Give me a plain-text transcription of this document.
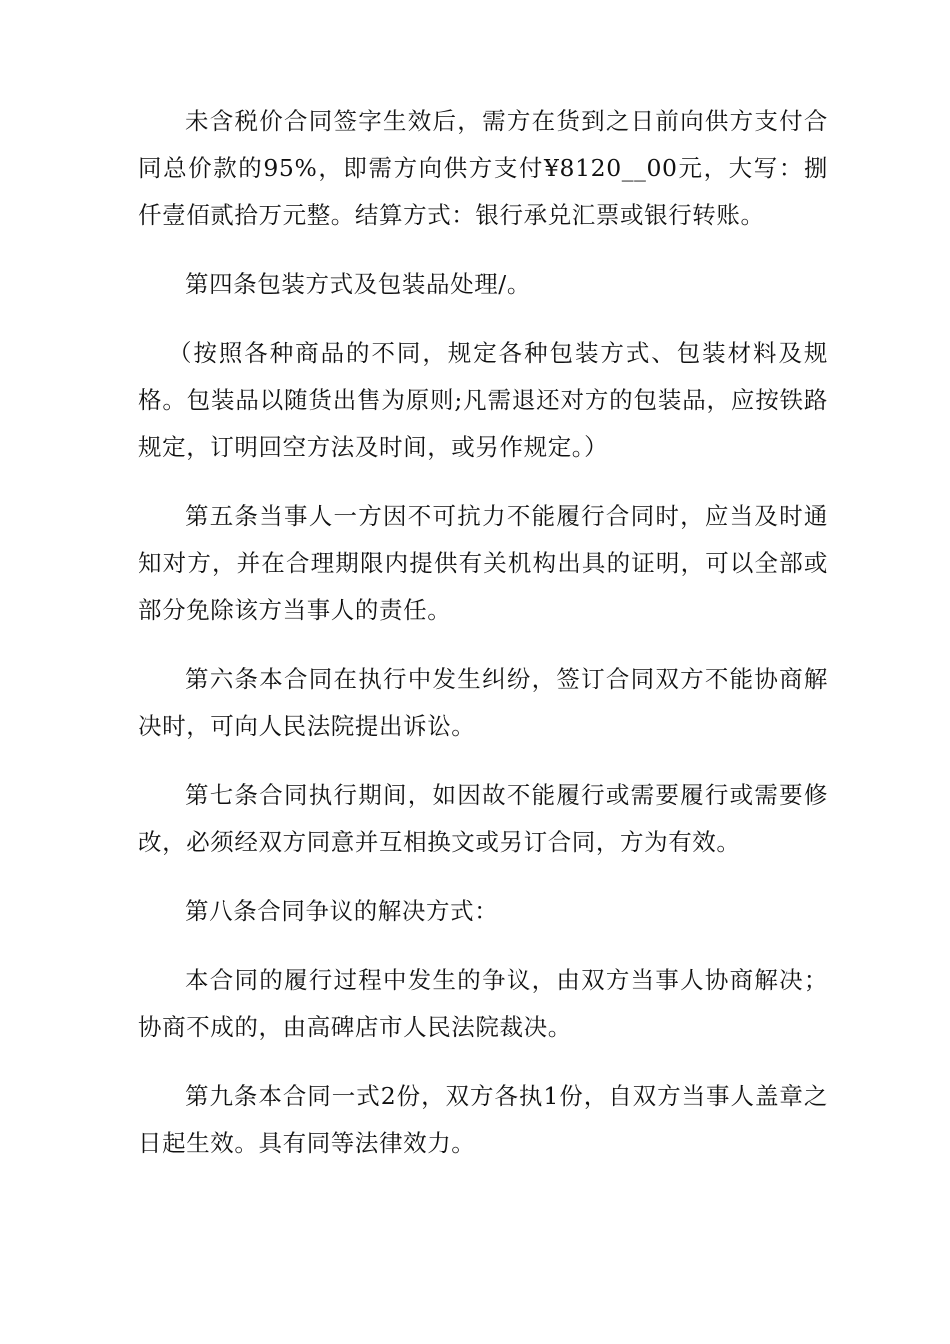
未含税价合同签字生效后，需方在货到之日前向供方支付合同总价款的95%，即需方向供方支付¥8120__00元，大写：捌仟壹佰贰拾万元整。结算方式：银行承兑汇票或银行转账。

第四条包装方式及包装品处理/。

（按照各种商品的不同，规定各种包装方式、包装材料及规格。包装品以随货出售为原则;凡需退还对方的包装品，应按铁路规定，订明回空方法及时间，或另作规定。）

第五条当事人一方因不可抗力不能履行合同时，应当及时通知对方，并在合理期限内提供有关机构出具的证明，可以全部或部分免除该方当事人的责任。

第六条本合同在执行中发生纠纷，签订合同双方不能协商解决时，可向人民法院提出诉讼。

第七条合同执行期间，如因故不能履行或需要履行或需要修改，必须经双方同意并互相换文或另订合同，方为有效。

第八条合同争议的解决方式：

本合同的履行过程中发生的争议，由双方当事人协商解决；协商不成的，由高碑店市人民法院裁决。

第九条本合同一式2份，双方各执1份，自双方当事人盖章之日起生效。具有同等法律效力。
